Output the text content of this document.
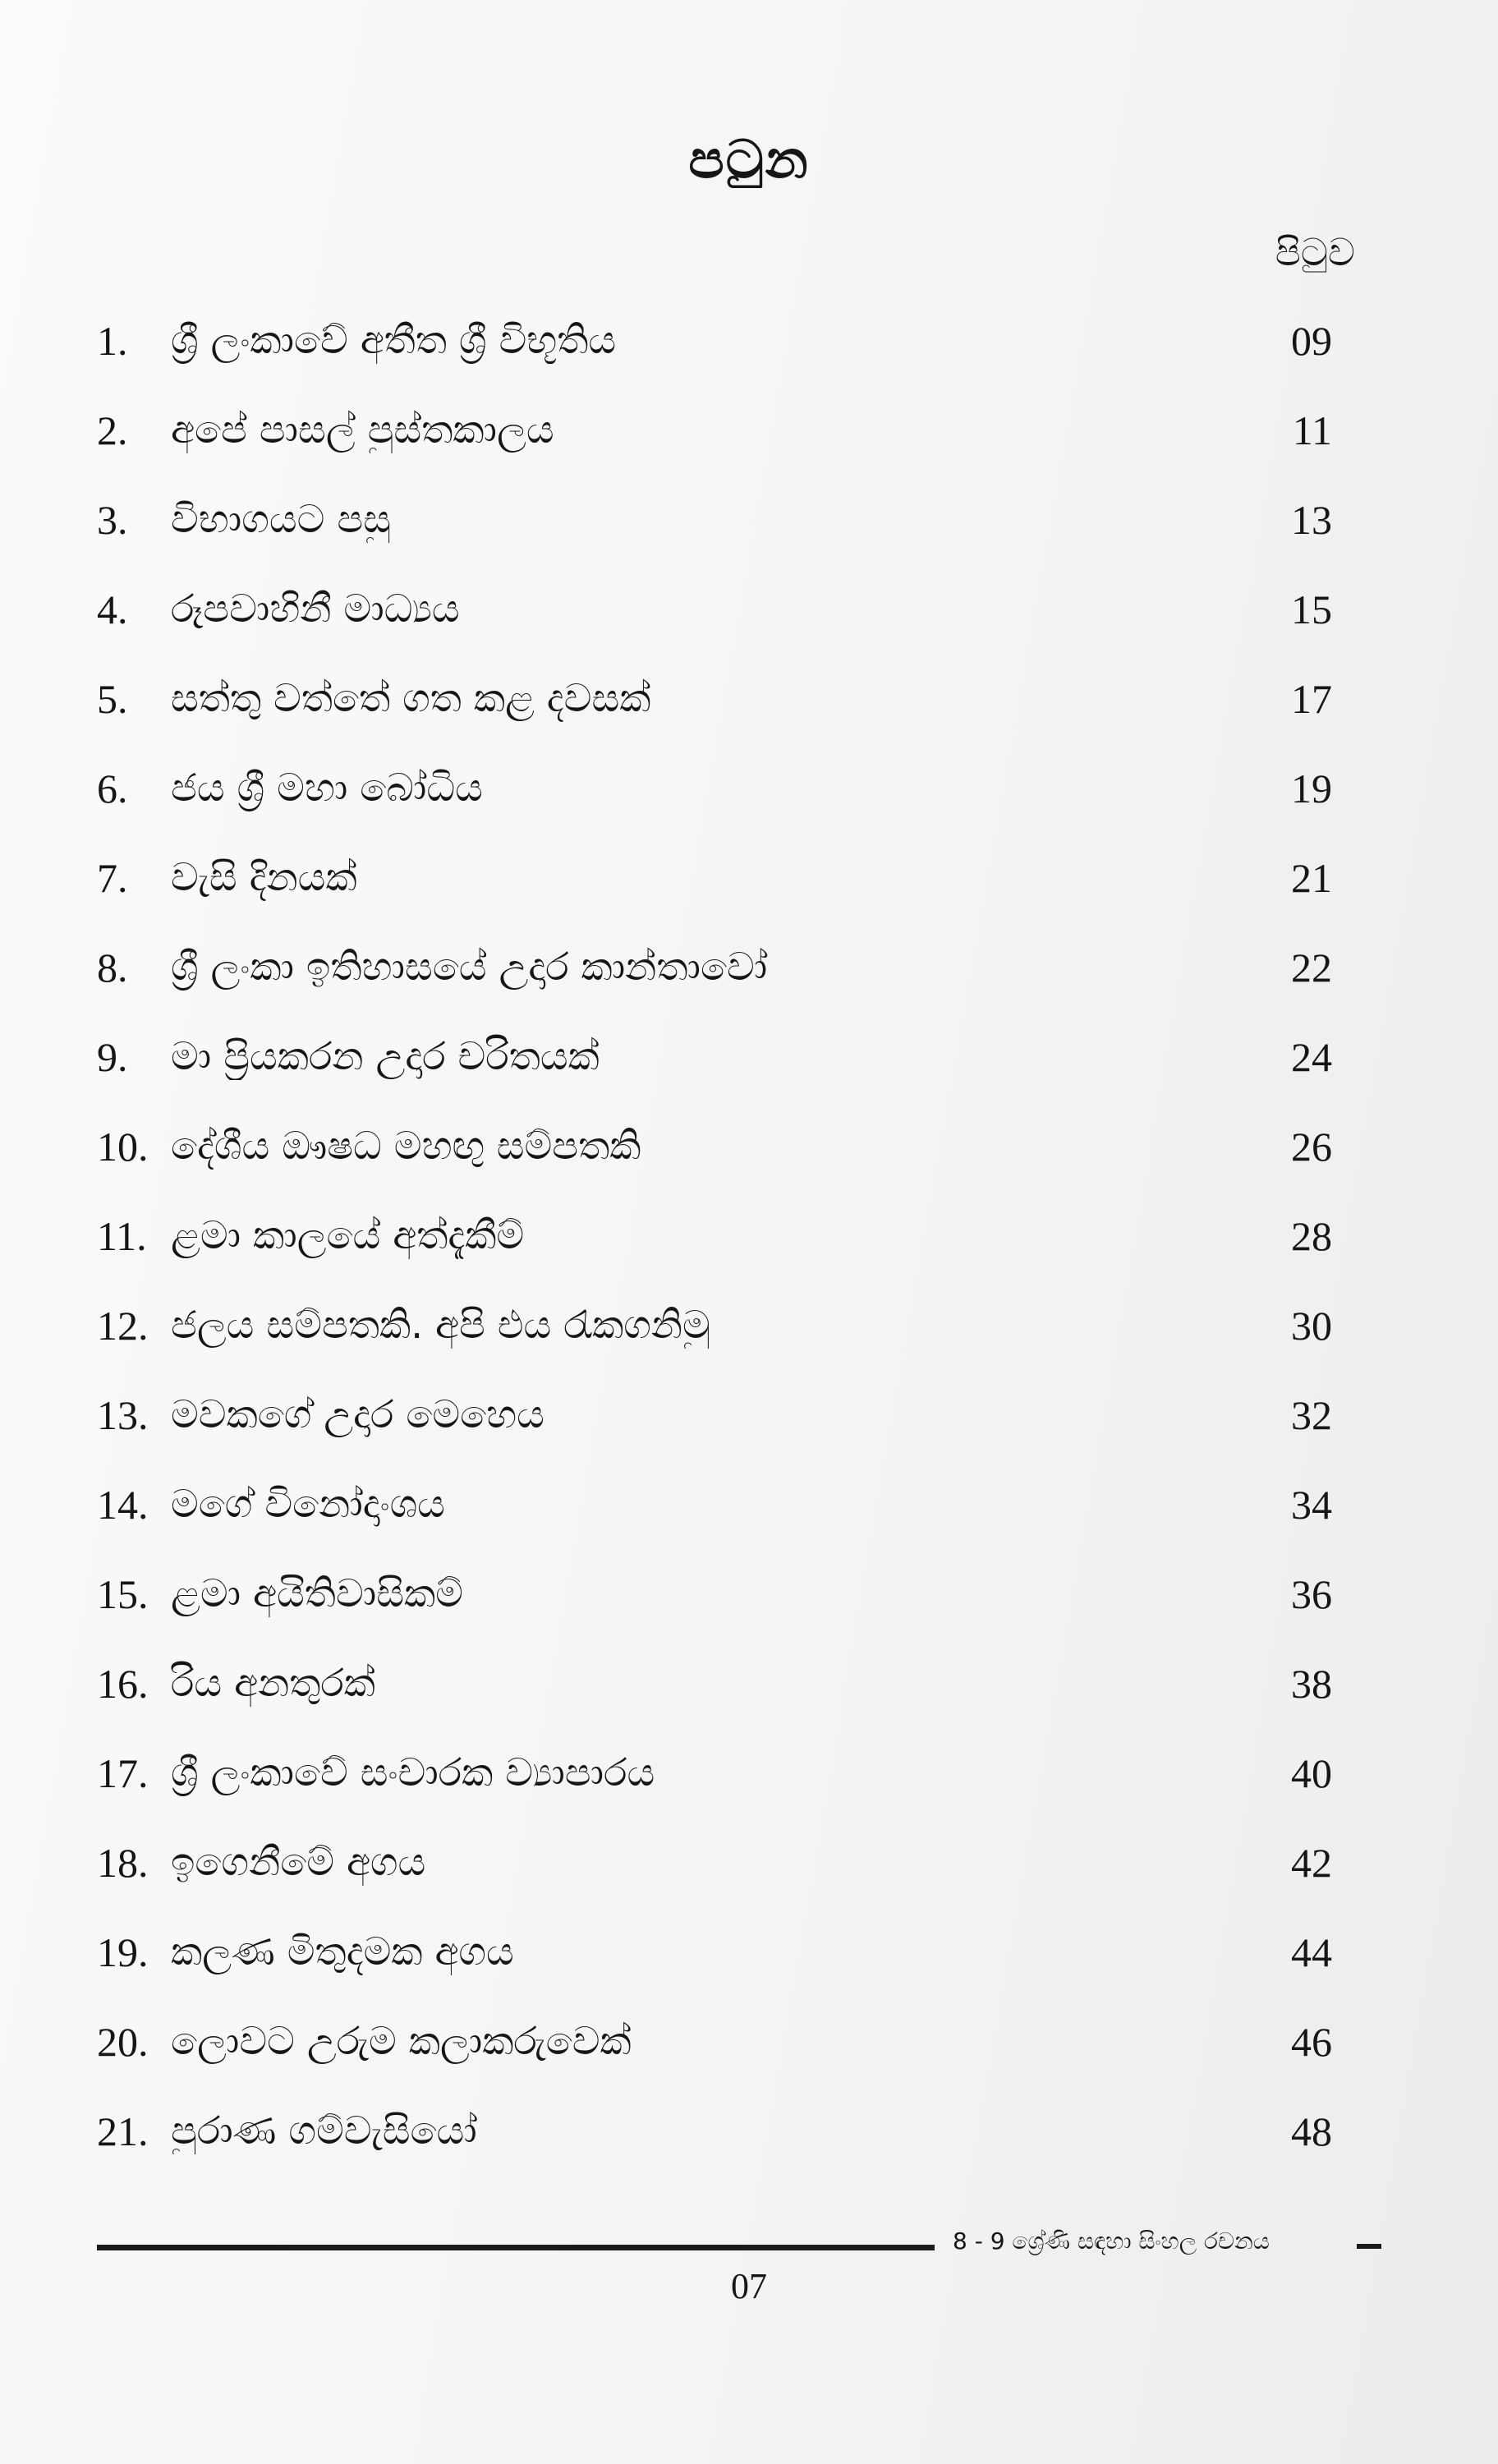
පටුන
පිටුව
1.	ශ්‍රී ලංකාවේ අතීත ශ්‍රී විභූතිය	09
2.	අපේ පාසල් පුස්තකාලය	11
3.	විභාගයට පසු	13
4.	රූපවාහිනී මාධ්‍යය	15
5.	සත්තු වත්තේ ගත කළ දවසක්	17
6.	ජය ශ්‍රී මහා බෝධිය	19
7.	වැසි දිනයක්	21
8.	ශ්‍රී ලංකා ඉතිහාසයේ උදාර කාන්තාවෝ	22
9.	මා ප්‍රියකරන උදාර චරිතයක්	24
10. දේශීය ඖෂධ මහඟු සම්පතකි	26
11. ළමා කාලයේ අත්දැකීම්	28
12. ජලය සම්පතකි. අපි එය රැකගනිමු	30
13. මවකගේ උදාර මෙහෙය	32
14. මගේ විනෝදාංශය	34
15. ළමා අයිතිවාසිකම්	36
16. රිය අනතුරක්	38
17. ශ්‍රී ලංකාවේ සංචාරක ව්‍යාපාරය	40
18. ඉගෙනීමේ අගය	42
19. කලණ මිතුදමක අගය	44
20. ලොවට උරුම කලාකරුවෙක්	46
21. පුරාණ ගම්වැසියෝ	48
8 - 9 ශ්‍රේණි සඳහා සිංහල රචනය
07
